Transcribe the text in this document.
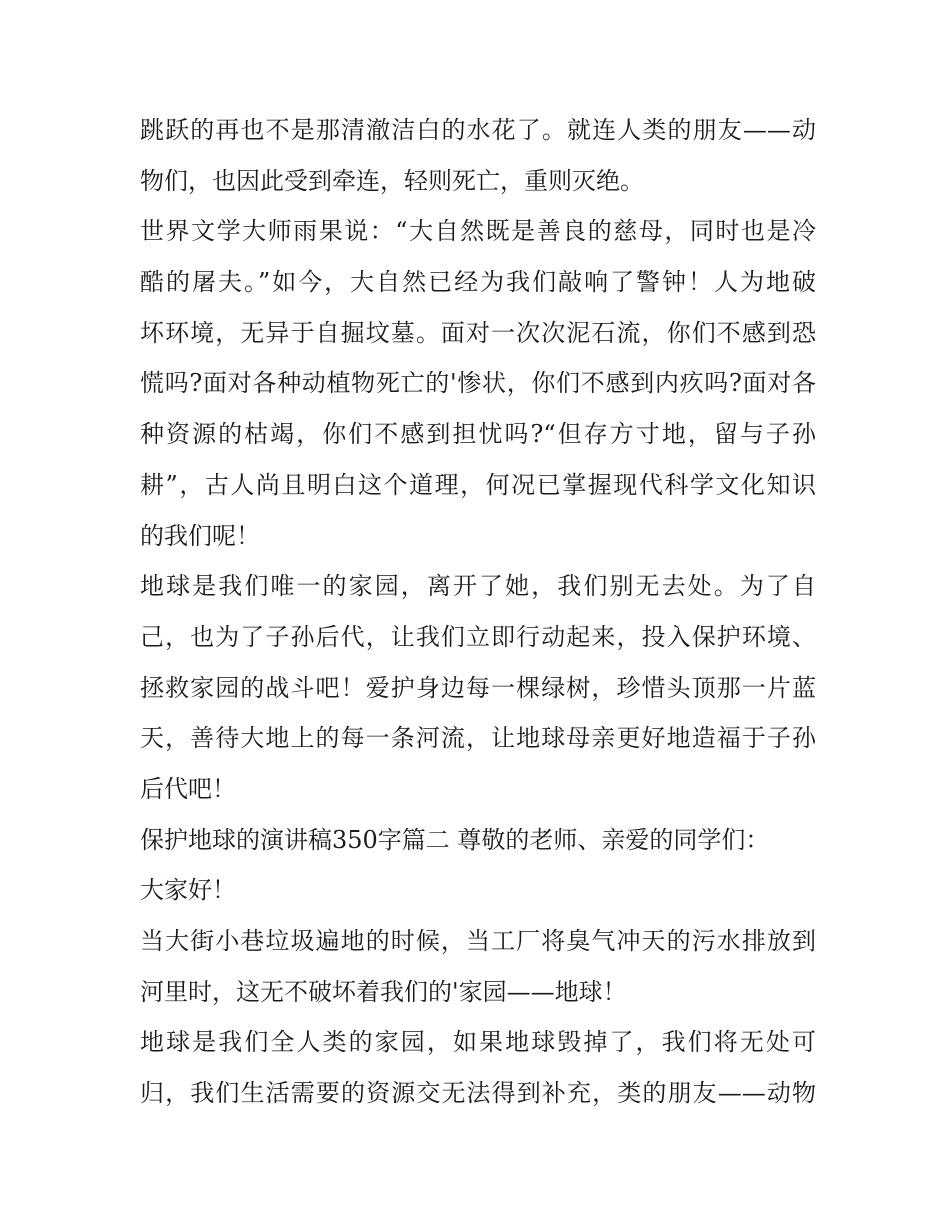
跳跃的再也不是那清澈洁白的水花了。就连人类的朋友——动
物们，也因此受到牵连，轻则死亡，重则灭绝。
世界文学大师雨果说：“大自然既是善良的慈母，同时也是冷
酷的屠夫。”如今，大自然已经为我们敲响了警钟！人为地破
坏环境，无异于自掘坟墓。面对一次次泥石流，你们不感到恐
慌吗?面对各种动植物死亡的'惨状，你们不感到内疚吗?面对各
种资源的枯竭，你们不感到担忧吗?“但存方寸地，留与子孙
耕”，古人尚且明白这个道理，何况已掌握现代科学文化知识
的我们呢！
地球是我们唯一的家园，离开了她，我们别无去处。为了自
己，也为了子孙后代，让我们立即行动起来，投入保护环境、
拯救家园的战斗吧！爱护身边每一棵绿树，珍惜头顶那一片蓝
天，善待大地上的每一条河流，让地球母亲更好地造福于子孙
后代吧！
保护地球的演讲稿350字篇二 尊敬的老师、亲爱的同学们：
大家好！
当大街小巷垃圾遍地的时候，当工厂将臭气冲天的污水排放到
河里时，这无不破坏着我们的'家园——地球！
地球是我们全人类的家园，如果地球毁掉了，我们将无处可
归，我们生活需要的资源交无法得到补充，类的朋友——动物
